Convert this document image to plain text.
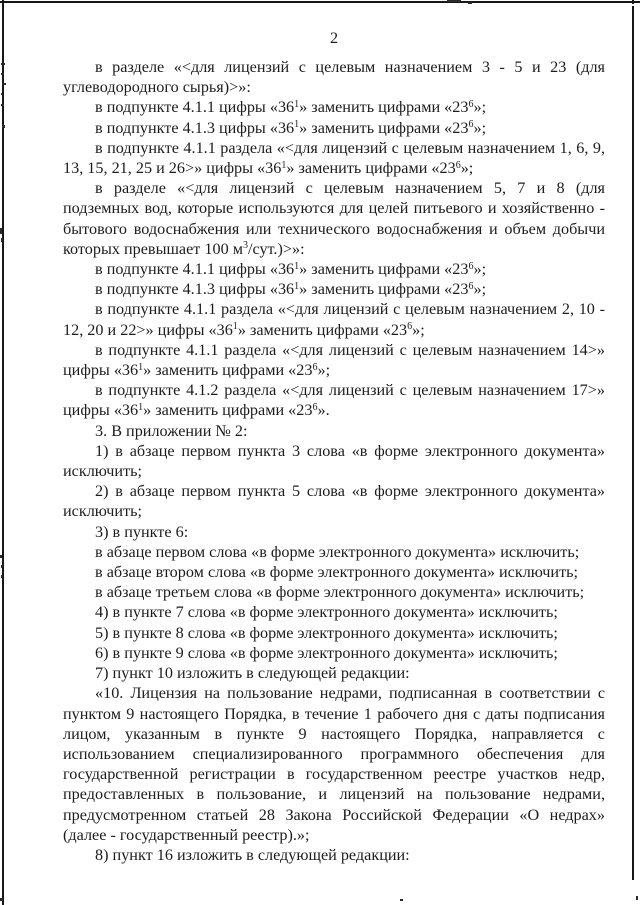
2

в разделе «<для лицензий с целевым назначением 3 - 5 и 23 (для углеводородного сырья)>»:

в подпункте 4.1.1 цифры «$36^1$» заменить цифрами «$23^6$»;

в подпункте 4.1.3 цифры «$36^1$» заменить цифрами «$23^6$»;

в подпункте 4.1.1 раздела «<для лицензий с целевым назначением 1, 6, 9, 13, 15, 21, 25 и 26>» цифры «$36^1$» заменить цифрами «$23^6$»;

в разделе «<для лицензий с целевым назначением 5, 7 и 8 (для подземных вод, которые используются для целей питьевого и хозяйственно - бытового водоснабжения или технического водоснабжения и объем добычи которых превышает 100 $м^3/сут.)>$»:

в подпункте 4.1.1 цифры «$36^1$» заменить цифрами «$23^6$»;

в подпункте 4.1.3 цифры «$36^1$» заменить цифрами «$23^6$»;

в подпункте 4.1.1 раздела «<для лицензий с целевым назначением 2, 10 - 12, 20 и 22>» цифры «$36^1$» заменить цифрами «$23^6$»;

в подпункте 4.1.1 раздела «<для лицензий с целевым назначением 14>» цифры «$36^1$» заменить цифрами «$23^6$»;

в подпункте 4.1.2 раздела «<для лицензий с целевым назначением 17>» цифры «$36^1$» заменить цифрами «$23^6$».

3. В приложении № 2:

1) в абзаце первом пункта 3 слова «в форме электронного документа» исключить;

2) в абзаце первом пункта 5 слова «в форме электронного документа» исключить;

3) в пункте 6:

в абзаце первом слова «в форме электронного документа» исключить;

в абзаце втором слова «в форме электронного документа» исключить;

в абзаце третьем слова «в форме электронного документа» исключить;

4) в пункте 7 слова «в форме электронного документа» исключить;

5) в пункте 8 слова «в форме электронного документа» исключить;

6) в пункте 9 слова «в форме электронного документа» исключить;

7) пункт 10 изложить в следующей редакции:

«10. Лицензия на пользование недрами, подписанная в соответствии с пунктом 9 настоящего Порядка, в течение 1 рабочего дня с даты подписания лицом, указанным в пункте 9 настоящего Порядка, направляется с использованием специализированного программного обеспечения для государственной регистрации в государственном реестре участков недр, предоставленных в пользование, и лицензий на пользование недрами, предусмотренном статьей 28 Закона Российской Федерации «О недрах» (далее - государственный реестр).»;

8) пункт 16 изложить в следующей редакции:
